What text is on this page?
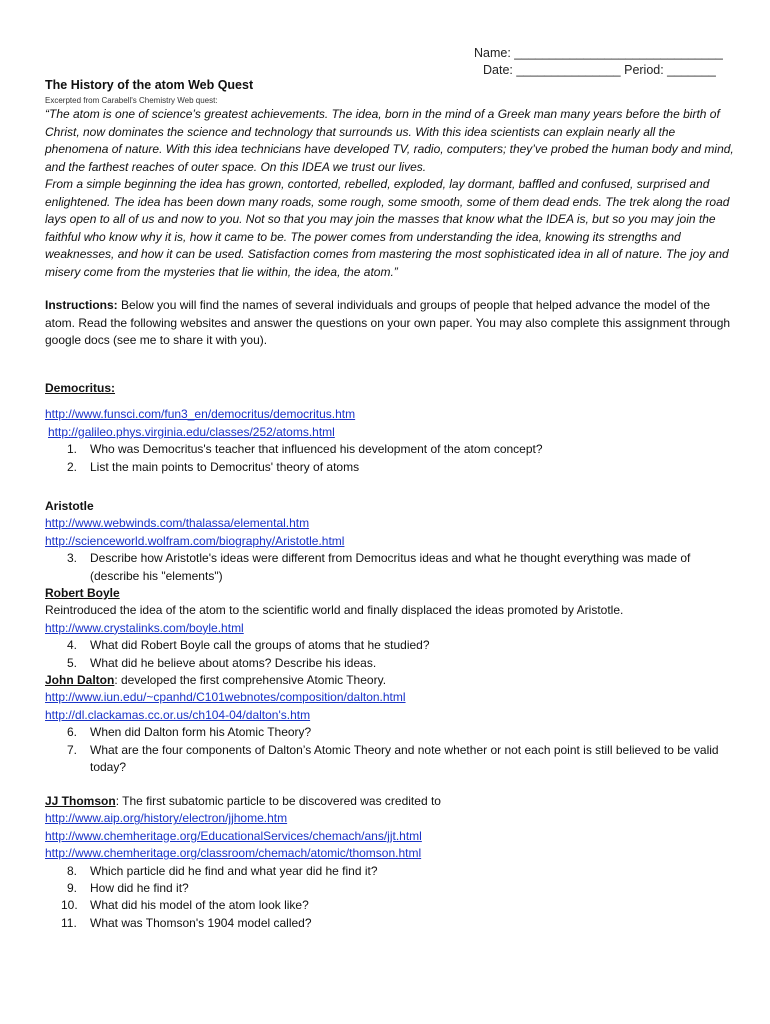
Name: ______________________________
Date: _______________ Period: _______
The History of the atom Web Quest
Excerpted from Carabell's Chemistry Web quest:

“The atom is one of science’s greatest achievements. The idea, born in the mind of a Greek man many years before the birth of Christ, now dominates the science and technology that surrounds us. With this idea scientists can explain nearly all the phenomena of nature. With this idea technicians have developed TV, radio, computers; they’ve probed the human body and mind, and the farthest reaches of outer space. On this IDEA we trust our lives.

From a simple beginning the idea has grown, contorted, rebelled, exploded, lay dormant, baffled and confused, surprised and enlightened. The idea has been down many roads, some rough, some smooth, some of them dead ends. The trek along the road lays open to all of us and now to you. Not so that you may join the masses that know what the IDEA is, but so you may join the faithful who know why it is, how it came to be. The power comes from understanding the idea, knowing its strengths and weaknesses, and how it can be used. Satisfaction comes from mastering the most sophisticated idea in all of nature. The joy and misery come from the mysteries that lie within, the idea, the atom.”

Instructions: Below you will find the names of several individuals and groups of people that helped advance the model of the atom. Read the following websites and answer the questions on your own paper. You may also complete this assignment through google docs (see me to share it with you).
Democritus:
http://www.funsci.com/fun3_en/democritus/democritus.htm
http://galileo.phys.virginia.edu/classes/252/atoms.html
1. Who was Democritus's teacher that influenced his development of the atom concept?
2. List the main points to Democritus' theory of atoms
Aristotle
http://www.webwinds.com/thalassa/elemental.htm
http://scienceworld.wolfram.com/biography/Aristotle.html
3. Describe how Aristotle's ideas were different from Democritus ideas and what he thought everything was made of (describe his "elements")
Robert Boyle
Reintroduced the idea of the atom to the scientific world and finally displaced the ideas promoted by Aristotle.
http://www.crystalinks.com/boyle.html
4. What did Robert Boyle call the groups of atoms that he studied?
5. What did he believe about atoms? Describe his ideas.
John Dalton: developed the first comprehensive Atomic Theory.
http://www.iun.edu/~cpanhd/C101webnotes/composition/dalton.html
http://dl.clackamas.cc.or.us/ch104-04/dalton's.htm
6. When did Dalton form his Atomic Theory?
7. What are the four components of Dalton’s Atomic Theory and note whether or not each point is still believed to be valid today?
JJ Thomson: The first subatomic particle to be discovered was credited to
http://www.aip.org/history/electron/jjhome.htm
http://www.chemheritage.org/EducationalServices/chemach/ans/jjt.html
http://www.chemheritage.org/classroom/chemach/atomic/thomson.html
8. Which particle did he find and what year did he find it?
9. How did he find it?
10. What did his model of the atom look like?
11. What was Thomson's 1904 model called?
